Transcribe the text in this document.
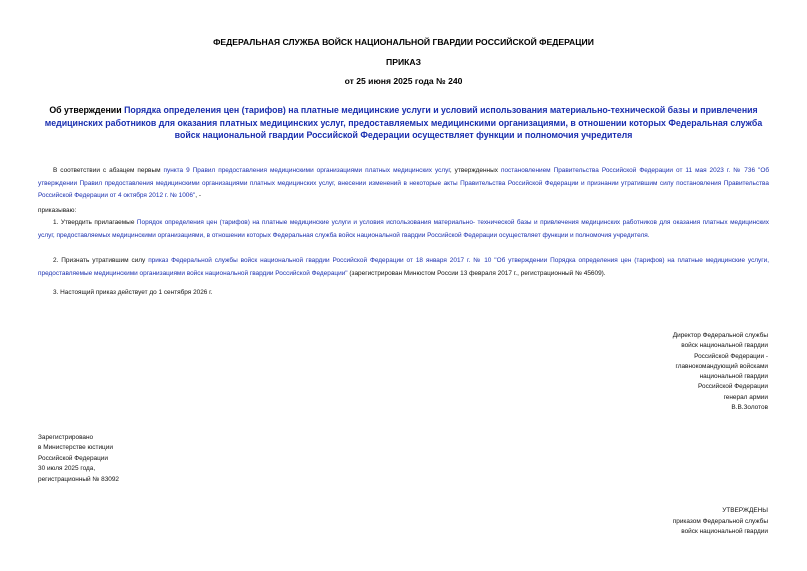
ФЕДЕРАЛЬНАЯ СЛУЖБА ВОЙСК НАЦИОНАЛЬНОЙ ГВАРДИИ РОССИЙСКОЙ ФЕДЕРАЦИИ
ПРИКАЗ
от 25 июня 2025 года № 240
Об утверждении Порядка определения цен (тарифов) на платные медицинские услуги и условий использования материально-технической базы и привлечения медицинских работников для оказания платных медицинских услуг, предоставляемых медицинскими организациями, в отношении которых Федеральная служба войск национальной гвардии Российской Федерации осуществляет функции и полномочия учредителя
В соответствии с абзацем первым пункта 9 Правил предоставления медицинскими организациями платных медицинских услуг, утвержденных постановлением Правительства Российской Федерации от 11 мая 2023 г. № 736 "Об утверждении Правил предоставления медицинскими организациями платных медицинских услуг, внесении изменений в некоторые акты Правительства Российской Федерации и признании утратившим силу постановления Правительства Российской Федерации от 4 октября 2012 г. № 1006", -
приказываю:
1. Утвердить прилагаемые Порядок определения цен (тарифов) на платные медицинские услуги и условия использования материально- технической базы и привлечения медицинских работников для оказания платных медицинских услуг, предоставляемых медицинскими организациями, в отношении которых Федеральная служба войск национальной гвардии Российской Федерации осуществляет функции и полномочия учредителя.
2. Признать утратившим силу приказ Федеральной службы войск национальной гвардии Российской Федерации от 18 января 2017 г. № 10 "Об утверждении Порядка определения цен (тарифов) на платные медицинские услуги, предоставляемые медицинскими организациями войск национальной гвардии Российской Федерации" (зарегистрирован Минюстом России 13 февраля 2017 г., регистрационный № 45609).
3. Настоящий приказ действует до 1 сентября 2026 г.
Директор Федеральной службы
войск национальной гвардии
Российской Федерации -
главнокомандующий войсками
национальной гвардии
Российской Федерации
генерал армии
В.В.Золотов
Зарегистрировано
в Министерстве юстиции
Российской Федерации
30 июля 2025 года,
регистрационный № 83092
УТВЕРЖДЕНЫ
приказом Федеральной службы
войск национальной гвардии
